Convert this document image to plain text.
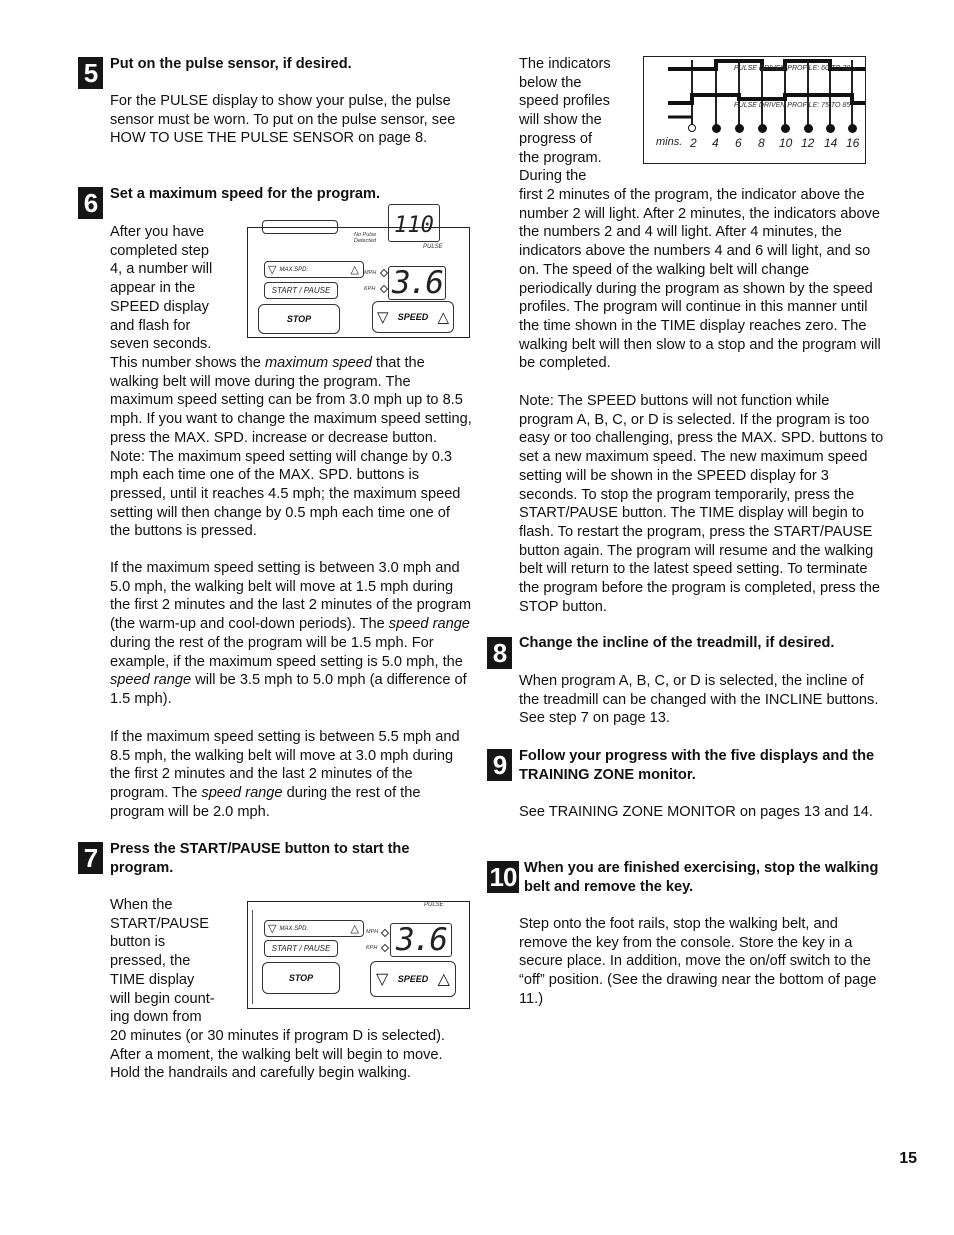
5 Put on the pulse sensor, if desired.
For the PULSE display to show your pulse, the pulse sensor must be worn. To put on the pulse sensor, see HOW TO USE THE PULSE SENSOR on page 8.
6 Set a maximum speed for the program.

After you have

completed step

4, a number will

appear in the

SPEED display

and flash for

seven seconds.

110
No Pulse Detected
PULSE
▽ MAX.SPD.	△
START / PAUSE
MPH
KPH 3.6
STOP	▽ SPEED △
This number shows the maximum speed that the walking belt will move during the program. The maximum speed setting can be from 3.0 mph up to 8.5 mph. If you want to change the maximum speed setting, press the MAX. SPD. increase or decrease button. Note: The maximum speed setting will change by 0.3 mph each time one of the MAX. SPD. buttons is pressed, until it reaches 4.5 mph; the maximum speed setting will then change by 0.5 mph each time one of the buttons is pressed.
If the maximum speed setting is between 3.0 mph and 5.0 mph, the walking belt will move at 1.5 mph during the first 2 minutes and the last 2 minutes of the program (the warm-up and cool-down periods). The speed range during the rest of the program will be 1.5 mph. For example, if the maximum speed setting is 5.0 mph, the speed range will be 3.5 mph to 5.0 mph (a difference of 1.5 mph).
If the maximum speed setting is between 5.5 mph and 8.5 mph, the walking belt will move at 3.0 mph during the first 2 minutes and the last 2 minutes of the program. The speed range during the rest of the program will be 2.0 mph.
7 Press the START/PAUSE button to start the program.

When the

START/PAUSE

button is

pressed, the

TIME display

will begin count-

ing down from

PULSE
▽ MAX.SPD.	△
START / PAUSE
MPH
KPH 3.6
STOP	▽ SPEED △
20 minutes (or 30 minutes if program D is selected). After a moment, the walking belt will begin to move. Hold the handrails and carefully begin walking.

The indicators

below the

speed profiles

will show the

progress of

the program.

During the

PULSE DRIVEN PROFILE: 60 TO 70
PULSE DRIVEN PROFILE: 75 TO 85
mins. 2 4 6 8 10 12 14 16
first 2 minutes of the program, the indicator above the number 2 will light. After 2 minutes, the indicators above the numbers 2 and 4 will light. After 4 minutes, the indicators above the numbers 4 and 6 will light, and so on. The speed of the walking belt will change periodically during the program as shown by the speed profiles. The program will continue in this manner until the time shown in the TIME display reaches zero. The walking belt will then slow to a stop and the program will be completed.
Note: The SPEED buttons will not function while program A, B, C, or D is selected. If the program is too easy or too challenging, press the MAX. SPD. buttons to set a new maximum speed. The new maximum speed setting will be shown in the SPEED display for 3 seconds. To stop the program temporarily, press the START/PAUSE button. The TIME display will begin to flash. To restart the program, press the START/PAUSE button again. The program will resume and the walking belt will return to the latest speed setting. To terminate the program before the program is completed, press the STOP button.
8 Change the incline of the treadmill, if desired.
When program A, B, C, or D is selected, the incline of the treadmill can be changed with the INCLINE buttons. See step 7 on page 13.
9 Follow your progress with the five displays and the TRAINING ZONE monitor.
See TRAINING ZONE MONITOR on pages 13 and 14.
10 When you are finished exercising, stop the walking belt and remove the key.
Step onto the foot rails, stop the walking belt, and remove the key from the console. Store the key in a secure place. In addition, move the on/off switch to the “off” position. (See the drawing near the bottom of page 11.)
15
